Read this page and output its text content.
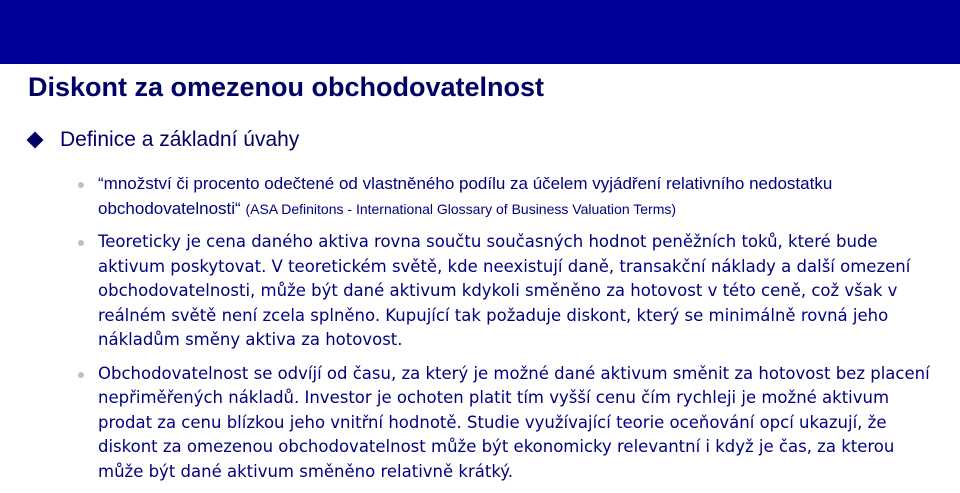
Diskont za omezenou obchodovatelnost
Definice a základní úvahy
“množství či procento odečtené od vlastněného podílu za účelem vyjádření relativního nedostatku obchodovatelnosti“ (ASA Definitons - International Glossary of Business Valuation Terms)
Teoreticky je cena daného aktiva rovna součtu současných hodnot peněžních toků, které bude aktivum poskytovat. V teoretickém světě, kde neexistují daně, transakční náklady a další omezení obchodovatelnosti, může být dané aktivum kdykoli směněno za hotovost v této ceně, což však v reálném světě není zcela splněno. Kupující tak požaduje diskont, který se minimálně rovná jeho nákladům směny aktiva za hotovost.
Obchodovatelnost se odvíjí od času, za který je možné dané aktivum směnit za hotovost bez placení nepřiměřených nákladů. Investor je ochoten platit tím vyšší cenu čím rychleji je možné aktivum prodat za cenu blízkou jeho vnitřní hodnotě. Studie využívající teorie oceňování opcí ukazují, že diskont za omezenou obchodovatelnost může být ekonomicky relevantní i když je čas, za kterou může být dané aktivum směněno relativně krátký.
